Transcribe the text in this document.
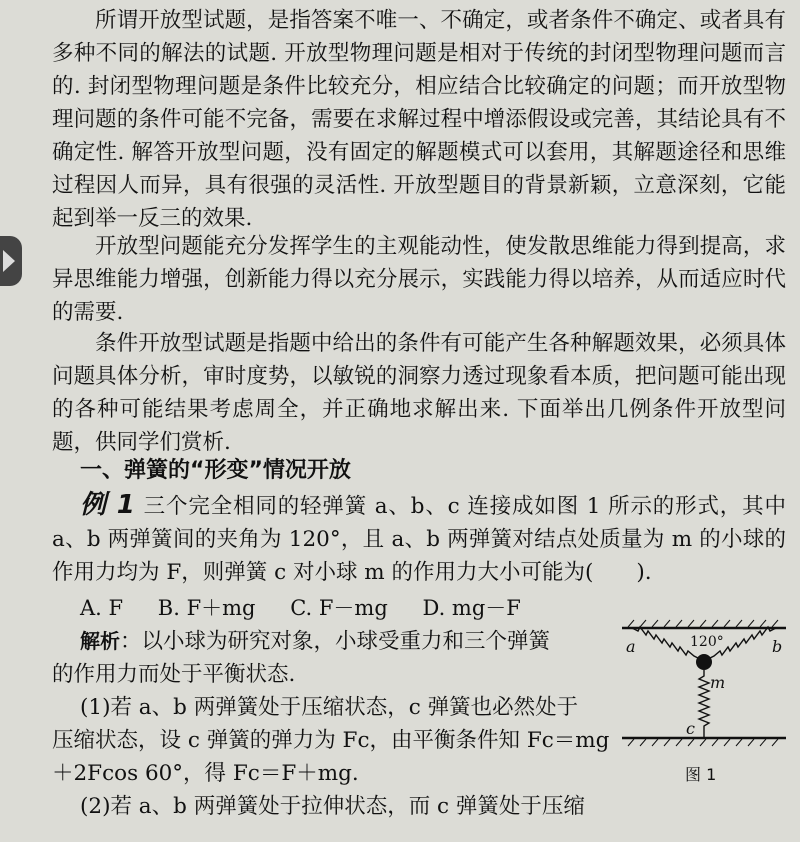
所谓开放型试题，是指答案不唯一、不确定，或者条件不确定、或者具有多种不同的解法的试题. 开放型物理问题是相对于传统的封闭型物理问题而言的. 封闭型物理问题是条件比较充分，相应结合比较确定的问题；而开放型物理问题的条件可能不完备，需要在求解过程中增添假设或完善，其结论具有不确定性. 解答开放型问题，没有固定的解题模式可以套用，其解题途径和思维过程因人而异，具有很强的灵活性. 开放型题目的背景新颖，立意深刻，它能起到举一反三的效果.

开放型问题能充分发挥学生的主观能动性，使发散思维能力得到提高，求异思维能力增强，创新能力得以充分展示，实践能力得以培养，从而适应时代的需要.

条件开放型试题是指题中给出的条件有可能产生各种解题效果，必须具体问题具体分析，审时度势，以敏锐的洞察力透过现象看本质，把问题可能出现的各种可能结果考虑周全，并正确地求解出来. 下面举出几例条件开放型问题，供同学们赏析.

一、弹簧的“形变”情况开放

例 1 三个完全相同的轻弹簧 a、b、c 连接成如图 1 所示的形式，其中 a、b 两弹簧间的夹角为 120°，且 a、b 两弹簧对结点处质量为 m 的小球的作用力均为 F，则弹簧 c 对小球 m 的作用力大小可能为(　　).

A. F B. F＋mg C. F－mg D. mg－F
解析：以小球为研究对象，小球受重力和三个弹簧
的作用力而处于平衡状态.
(1)若 a、b 两弹簧处于压缩状态，c 弹簧也必然处于
压缩状态，设 c 弹簧的弹力为 Fc，由平衡条件知 Fc＝mg
＋2Fcos 60°，得 Fc＝F＋mg.
(2)若 a、b 两弹簧处于拉伸状态，而 c 弹簧处于压缩
120°
a	b
m
c
图 1
